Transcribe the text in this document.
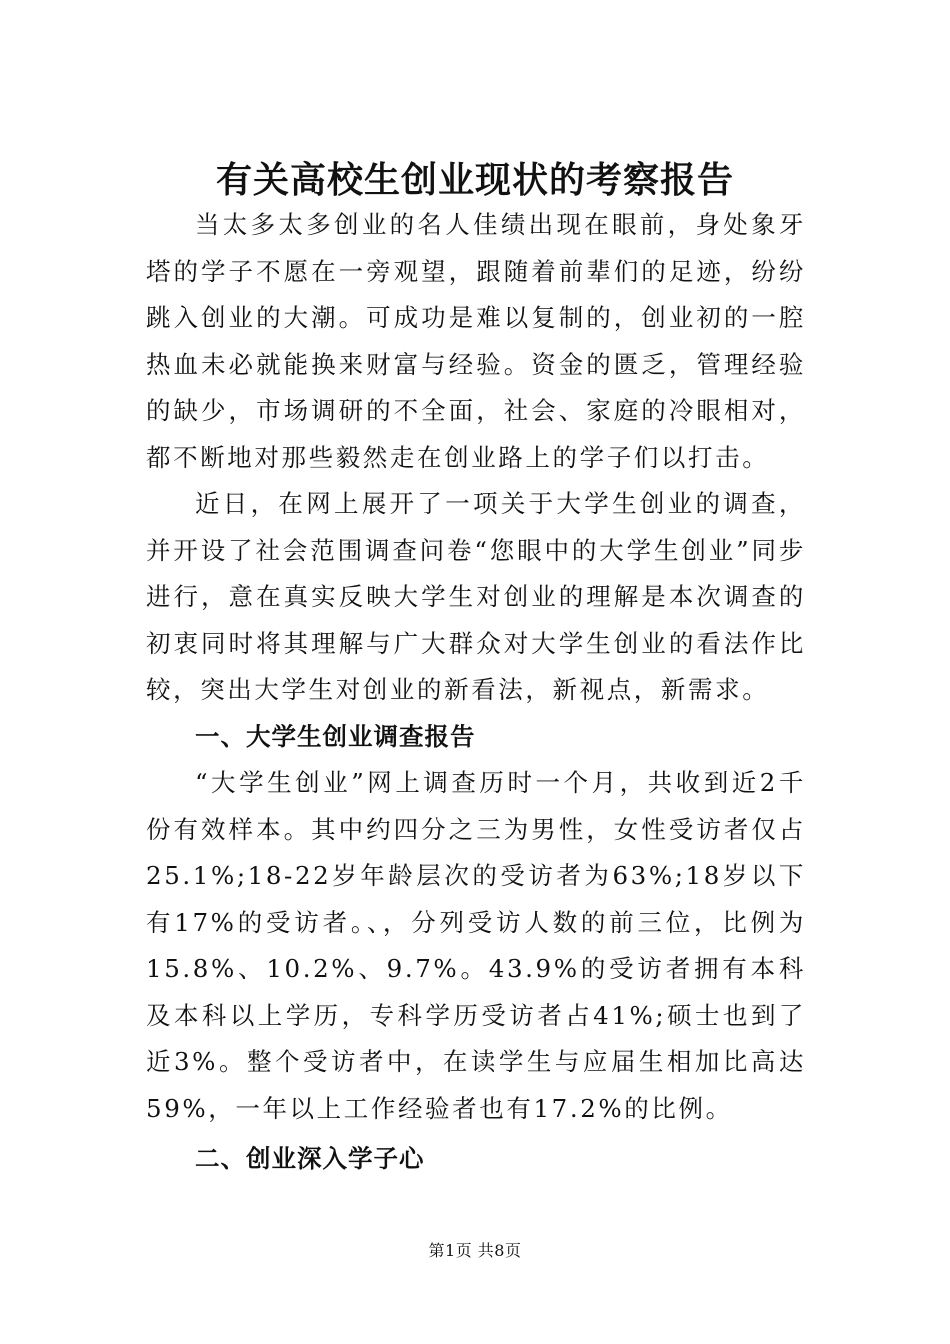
有关高校生创业现状的考察报告

当太多太多创业的名人佳绩出现在眼前，身处象牙塔的学子不愿在一旁观望，跟随着前辈们的足迹，纷纷跳入创业的大潮。可成功是难以复制的，创业初的一腔热血未必就能换来财富与经验。资金的匮乏，管理经验的缺少，市场调研的不全面，社会、家庭的冷眼相对，都不断地对那些毅然走在创业路上的学子们以打击。

近日，在网上展开了一项关于大学生创业的调查，并开设了社会范围调查问卷“您眼中的大学生创业”同步进行，意在真实反映大学生对创业的理解是本次调查的初衷同时将其理解与广大群众对大学生创业的看法作比较，突出大学生对创业的新看法，新视点，新需求。

一、大学生创业调查报告

“大学生创业”网上调查历时一个月，共收到近2千份有效样本。其中约四分之三为男性，女性受访者仅占25.1%;18-22岁年龄层次的受访者为63%;18岁以下有17%的受访者。、，分列受访人数的前三位，比例为15.8%、10.2%、9.7%。43.9%的受访者拥有本科及本科以上学历，专科学历受访者占41%;硕士也到了近3%。整个受访者中，在读学生与应届生相加比高达59%，一年以上工作经验者也有17.2%的比例。

二、创业深入学子心
第1页 共8页
